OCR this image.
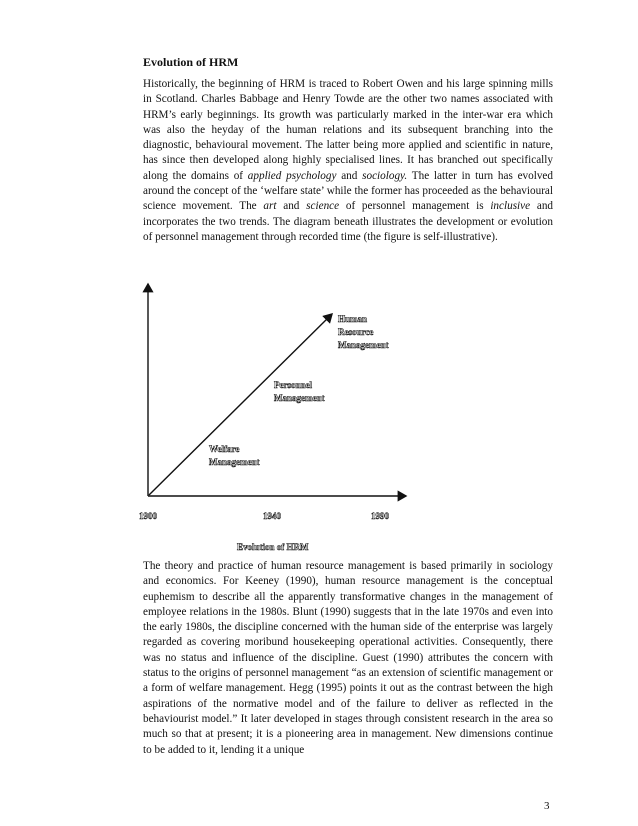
Evolution of HRM

Historically, the beginning of HRM is traced to Robert Owen and his large spinning mills in Scotland. Charles Babbage and Henry Towde are the other two names associated with HRM’s early beginnings. Its growth was particularly marked in the inter-war era which was also the heyday of the human relations and its subsequent branching into the diagnostic, behavioural movement. The latter being more applied and scientific in nature, has since then developed along highly specialised lines. It has branched out specifically along the domains of applied psychology and sociology. The latter in turn has evolved around the concept of the ‘welfare state’ while the former has proceeded as the behavioural science movement. The art and science of personnel management is inclusive and incorporates the two trends. The diagram beneath illustrates the development or evolution of personnel management through recorded time (the figure is self-illustrative).

Welfare Management
Personnel Management
Human Resource Management
1900	1940	1990
Evolution of HRM

The theory and practice of human resource management is based primarily in sociology and economics. For Keeney (1990), human resource management is the conceptual euphemism to describe all the apparently transformative changes in the management of employee relations in the 1980s. Blunt (1990) suggests that in the late 1970s and even into the early 1980s, the discipline concerned with the human side of the enterprise was largely regarded as covering moribund housekeeping operational activities. Consequently, there was no status and influence of the discipline. Guest (1990) attributes the concern with status to the origins of personnel management “as an extension of scientific management or a form of welfare management. Hegg (1995) points it out as the contrast between the high aspirations of the normative model and of the failure to deliver as reflected in the behaviourist model.” It later developed in stages through consistent research in the area so much so that at present; it is a pioneering area in management. New dimensions continue to be added to it, lending it a unique

3
